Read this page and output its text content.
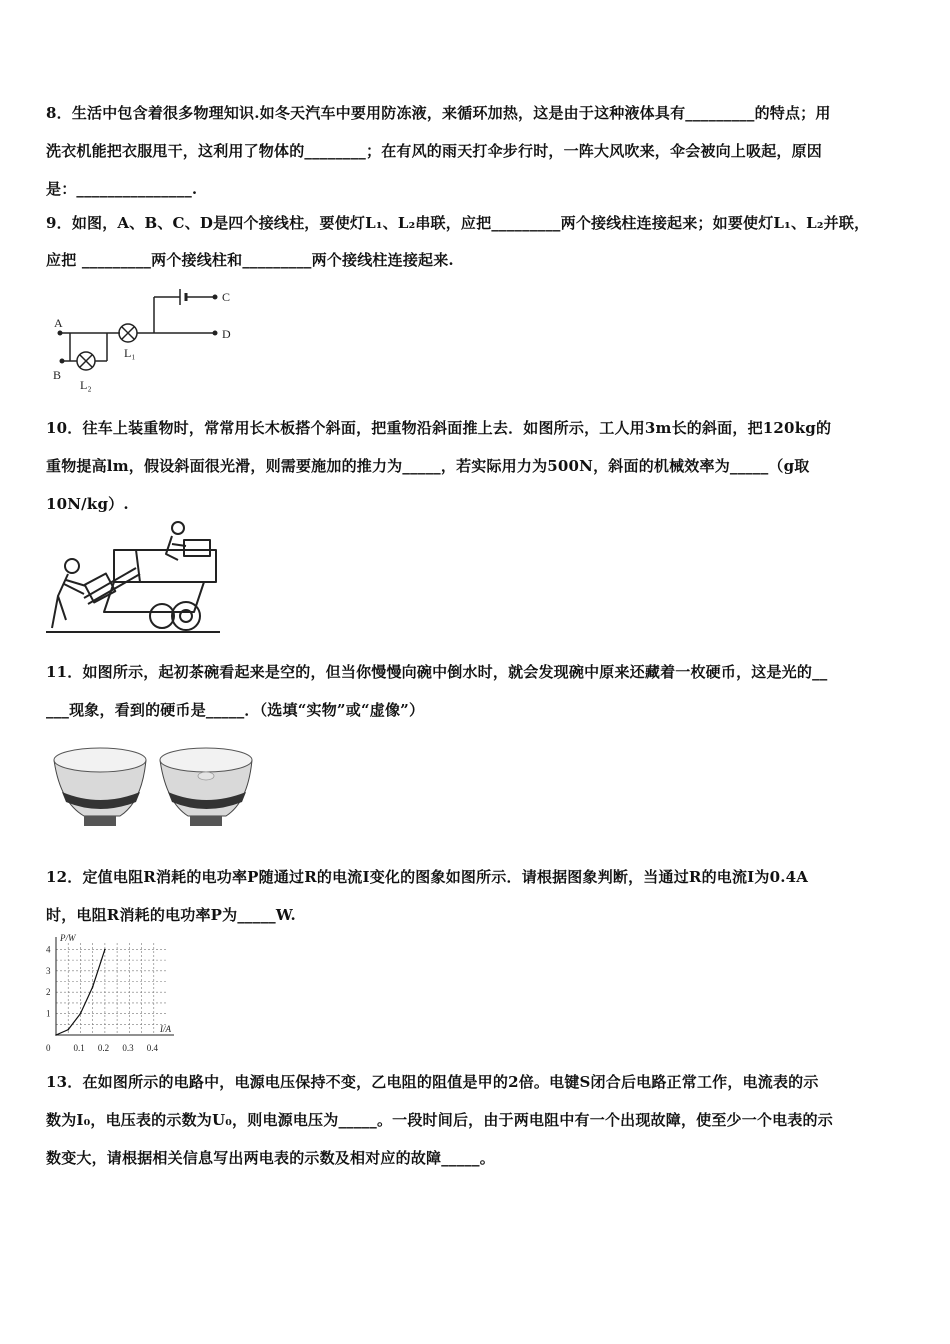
8．生活中包含着很多物理知识.如冬天汽车中要用防冻液，来循环加热，这是由于这种液体具有_________的特点；用
洗衣机能把衣服甩干，这利用了物体的________；在有风的雨天打伞步行时，一阵大风吹来，伞会被向上吸起，原因
是：_______________.
9．如图，A、B、C、D是四个接线柱，要使灯L₁、L₂串联，应把_________两个接线柱连接起来；如要使灯L₁、L₂并联，
应把 _________两个接线柱和_________两个接线柱连接起来.
A
B
C
D
L₁
L₂
10．往车上装重物时，常常用长木板搭个斜面，把重物沿斜面推上去．如图所示，工人用3m长的斜面，把120kg的
重物提高lm，假设斜面很光滑，则需要施加的推力为_____，若实际用力为500N，斜面的机械效率为_____（g取
10N/kg）.
11．如图所示，起初茶碗看起来是空的，但当你慢慢向碗中倒水时，就会发现碗中原来还藏着一枚硬币，这是光的__
___现象，看到的硬币是_____．（选填“实物”或“虚像”）
12．定值电阻R消耗的电功率P随通过R的电流I变化的图象如图所示．请根据图象判断，当通过R的电流I为0.4A
时，电阻R消耗的电功率P为_____W.
P/W
I/A
1
2
3
4
0	0.1 0.2 0.3 0.4
13．在如图所示的电路中，电源电压保持不变，乙电阻的阻值是甲的2倍。电键S闭合后电路正常工作，电流表的示
数为I₀，电压表的示数为U₀，则电源电压为_____。一段时间后，由于两电阻中有一个出现故障，使至少一个电表的示
数变大，请根据相关信息写出两电表的示数及相对应的故障_____。
